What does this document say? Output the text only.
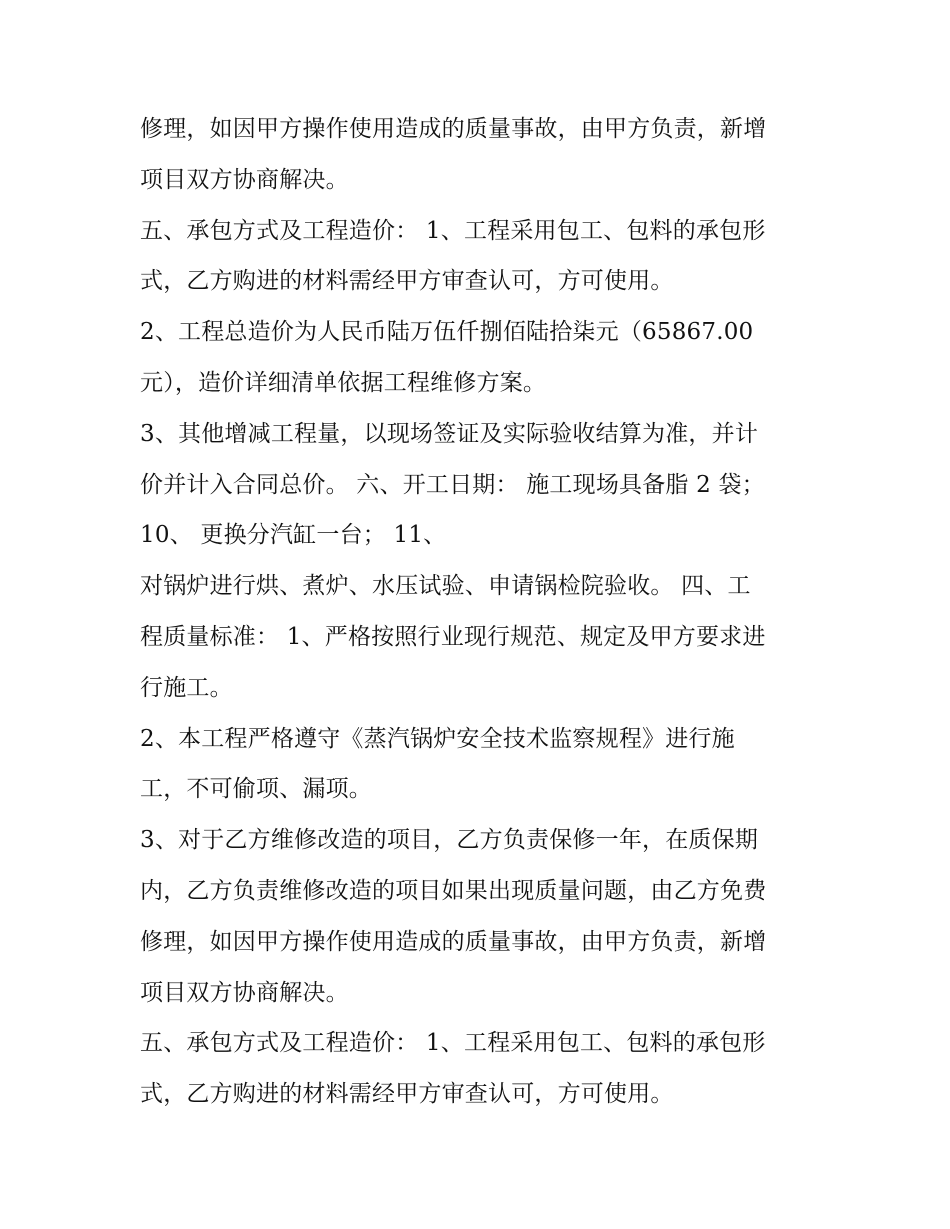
修理，如因甲方操作使用造成的质量事故，由甲方负责，新增
项目双方协商解决。
五、承包方式及工程造价： 1、工程采用包工、包料的承包形
式，乙方购进的材料需经甲方审查认可，方可使用。
2、工程总造价为人民币陆万伍仟捌佰陆拾柒元（65867.00
元），造价详细清单依据工程维修方案。
3、其他增减工程量，以现场签证及实际验收结算为准，并计
价并计入合同总价。 六、开工日期： 施工现场具备脂 2 袋；
10、 更换分汽缸一台； 11、
对锅炉进行烘、煮炉、水压试验、申请锅检院验收。 四、工
程质量标准： 1、严格按照行业现行规范、规定及甲方要求进
行施工。
2、本工程严格遵守《蒸汽锅炉安全技术监察规程》进行施
工，不可偷项、漏项。
3、对于乙方维修改造的项目，乙方负责保修一年，在质保期
内，乙方负责维修改造的项目如果出现质量问题，由乙方免费
修理，如因甲方操作使用造成的质量事故，由甲方负责，新增
项目双方协商解决。
五、承包方式及工程造价： 1、工程采用包工、包料的承包形
式，乙方购进的材料需经甲方审查认可，方可使用。
